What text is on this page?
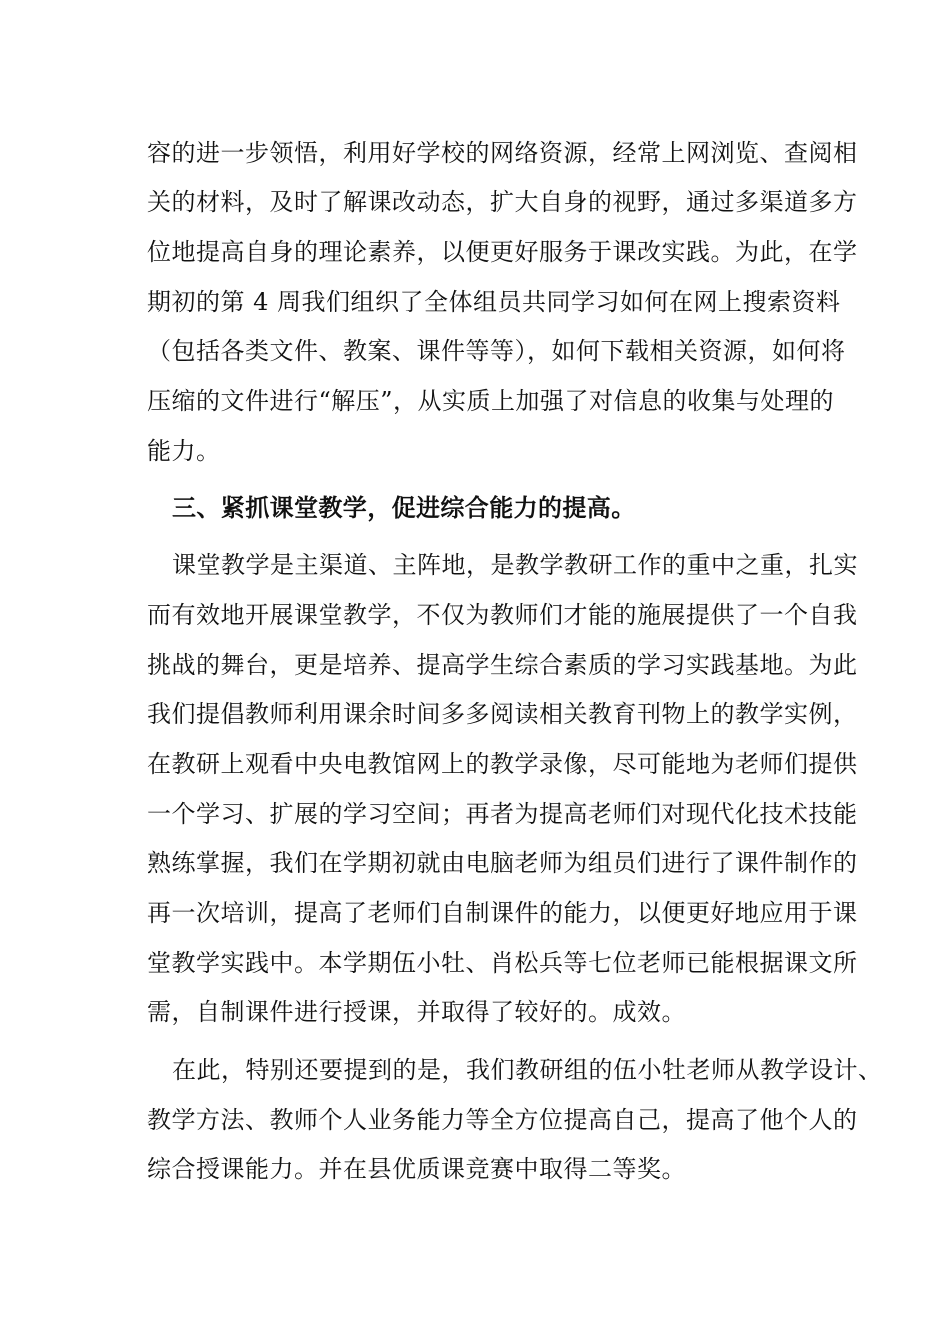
容的进一步领悟，利用好学校的网络资源，经常上网浏览、查阅相
关的材料，及时了解课改动态，扩大自身的视野，通过多渠道多方
位地提高自身的理论素养，以便更好服务于课改实践。为此，在学
期初的第 4 周我们组织了全体组员共同学习如何在网上搜索资料
（包括各类文件、教案、课件等等），如何下载相关资源，如何将
压缩的文件进行“解压”，从实质上加强了对信息的收集与处理的
能力。
三、紧抓课堂教学，促进综合能力的提高。
课堂教学是主渠道、主阵地，是教学教研工作的重中之重，扎实
而有效地开展课堂教学，不仅为教师们才能的施展提供了一个自我
挑战的舞台，更是培养、提高学生综合素质的学习实践基地。为此
我们提倡教师利用课余时间多多阅读相关教育刊物上的教学实例，
在教研上观看中央电教馆网上的教学录像，尽可能地为老师们提供
一个学习、扩展的学习空间；再者为提高老师们对现代化技术技能
熟练掌握，我们在学期初就由电脑老师为组员们进行了课件制作的
再一次培训，提高了老师们自制课件的能力，以便更好地应用于课
堂教学实践中。本学期伍小牡、肖松兵等七位老师已能根据课文所
需，自制课件进行授课，并取得了较好的。成效。
在此，特别还要提到的是，我们教研组的伍小牡老师从教学设计、
教学方法、教师个人业务能力等全方位提高自己，提高了他个人的
综合授课能力。并在县优质课竞赛中取得二等奖。
